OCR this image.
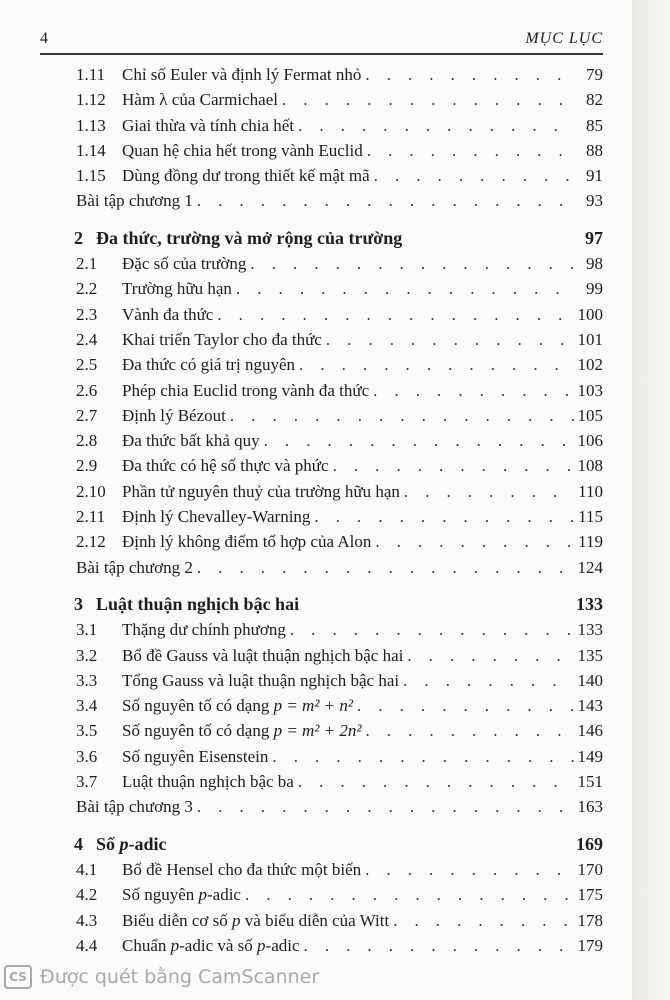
4	MỤC LỤC
1.11 Chỉ số Euler và định lý Fermat nhỏ . . .	79
1.12 Hàm λ của Carmichael . . .	82
1.13 Giai thừa và tính chia hết . . .	85
1.14 Quan hệ chia hết trong vành Euclid . . .	88
1.15 Dùng đồng dư trong thiết kế mật mã . . .	91
Bài tập chương 1 . . .	93
2 Đa thức, trường và mở rộng của trường	97
2.1	Đặc số của trường . . .	98
2.2	Trường hữu hạn . . .	99
2.3	Vành đa thức . . .	100
2.4	Khai triển Taylor cho đa thức . . .	101
2.5	Đa thức có giá trị nguyên . . .	102
2.6	Phép chia Euclid trong vành đa thức . . .	103
2.7	Định lý Bézout . . .	105
2.8	Đa thức bất khả quy . . .	106
2.9	Đa thức có hệ số thực và phức . . .	108
2.10 Phần tử nguyên thuỷ của trường hữu hạn . . .	110
2.11 Định lý Chevalley-Warning . . .	115
2.12 Định lý không điểm tổ hợp của Alon . . .	119
Bài tập chương 2 . . .	124
3 Luật thuận nghịch bậc hai	133
3.1	Thặng dư chính phương . . .	133
3.2	Bổ đề Gauss và luật thuận nghịch bậc hai . . .	135
3.3	Tổng Gauss và luật thuận nghịch bậc hai . . .	140
3.4	Số nguyên tố có dạng p = m² + n² . . .	143
3.5	Số nguyên tố có dạng p = m² + 2n² . . .	146
3.6	Số nguyên Eisenstein . . .	149
3.7	Luật thuận nghịch bậc ba . . .	151
Bài tập chương 3 . . .	163
4 Số p-adic	169
4.1	Bổ đề Hensel cho đa thức một biến . . .	170
4.2	Số nguyên p-adic . . .	175
4.3	Biểu diễn cơ số p và biểu diễn của Witt . . .	178
4.4	Chuẩn p-adic và số p-adic . . .	179
CS Được quét bằng CamScanner
